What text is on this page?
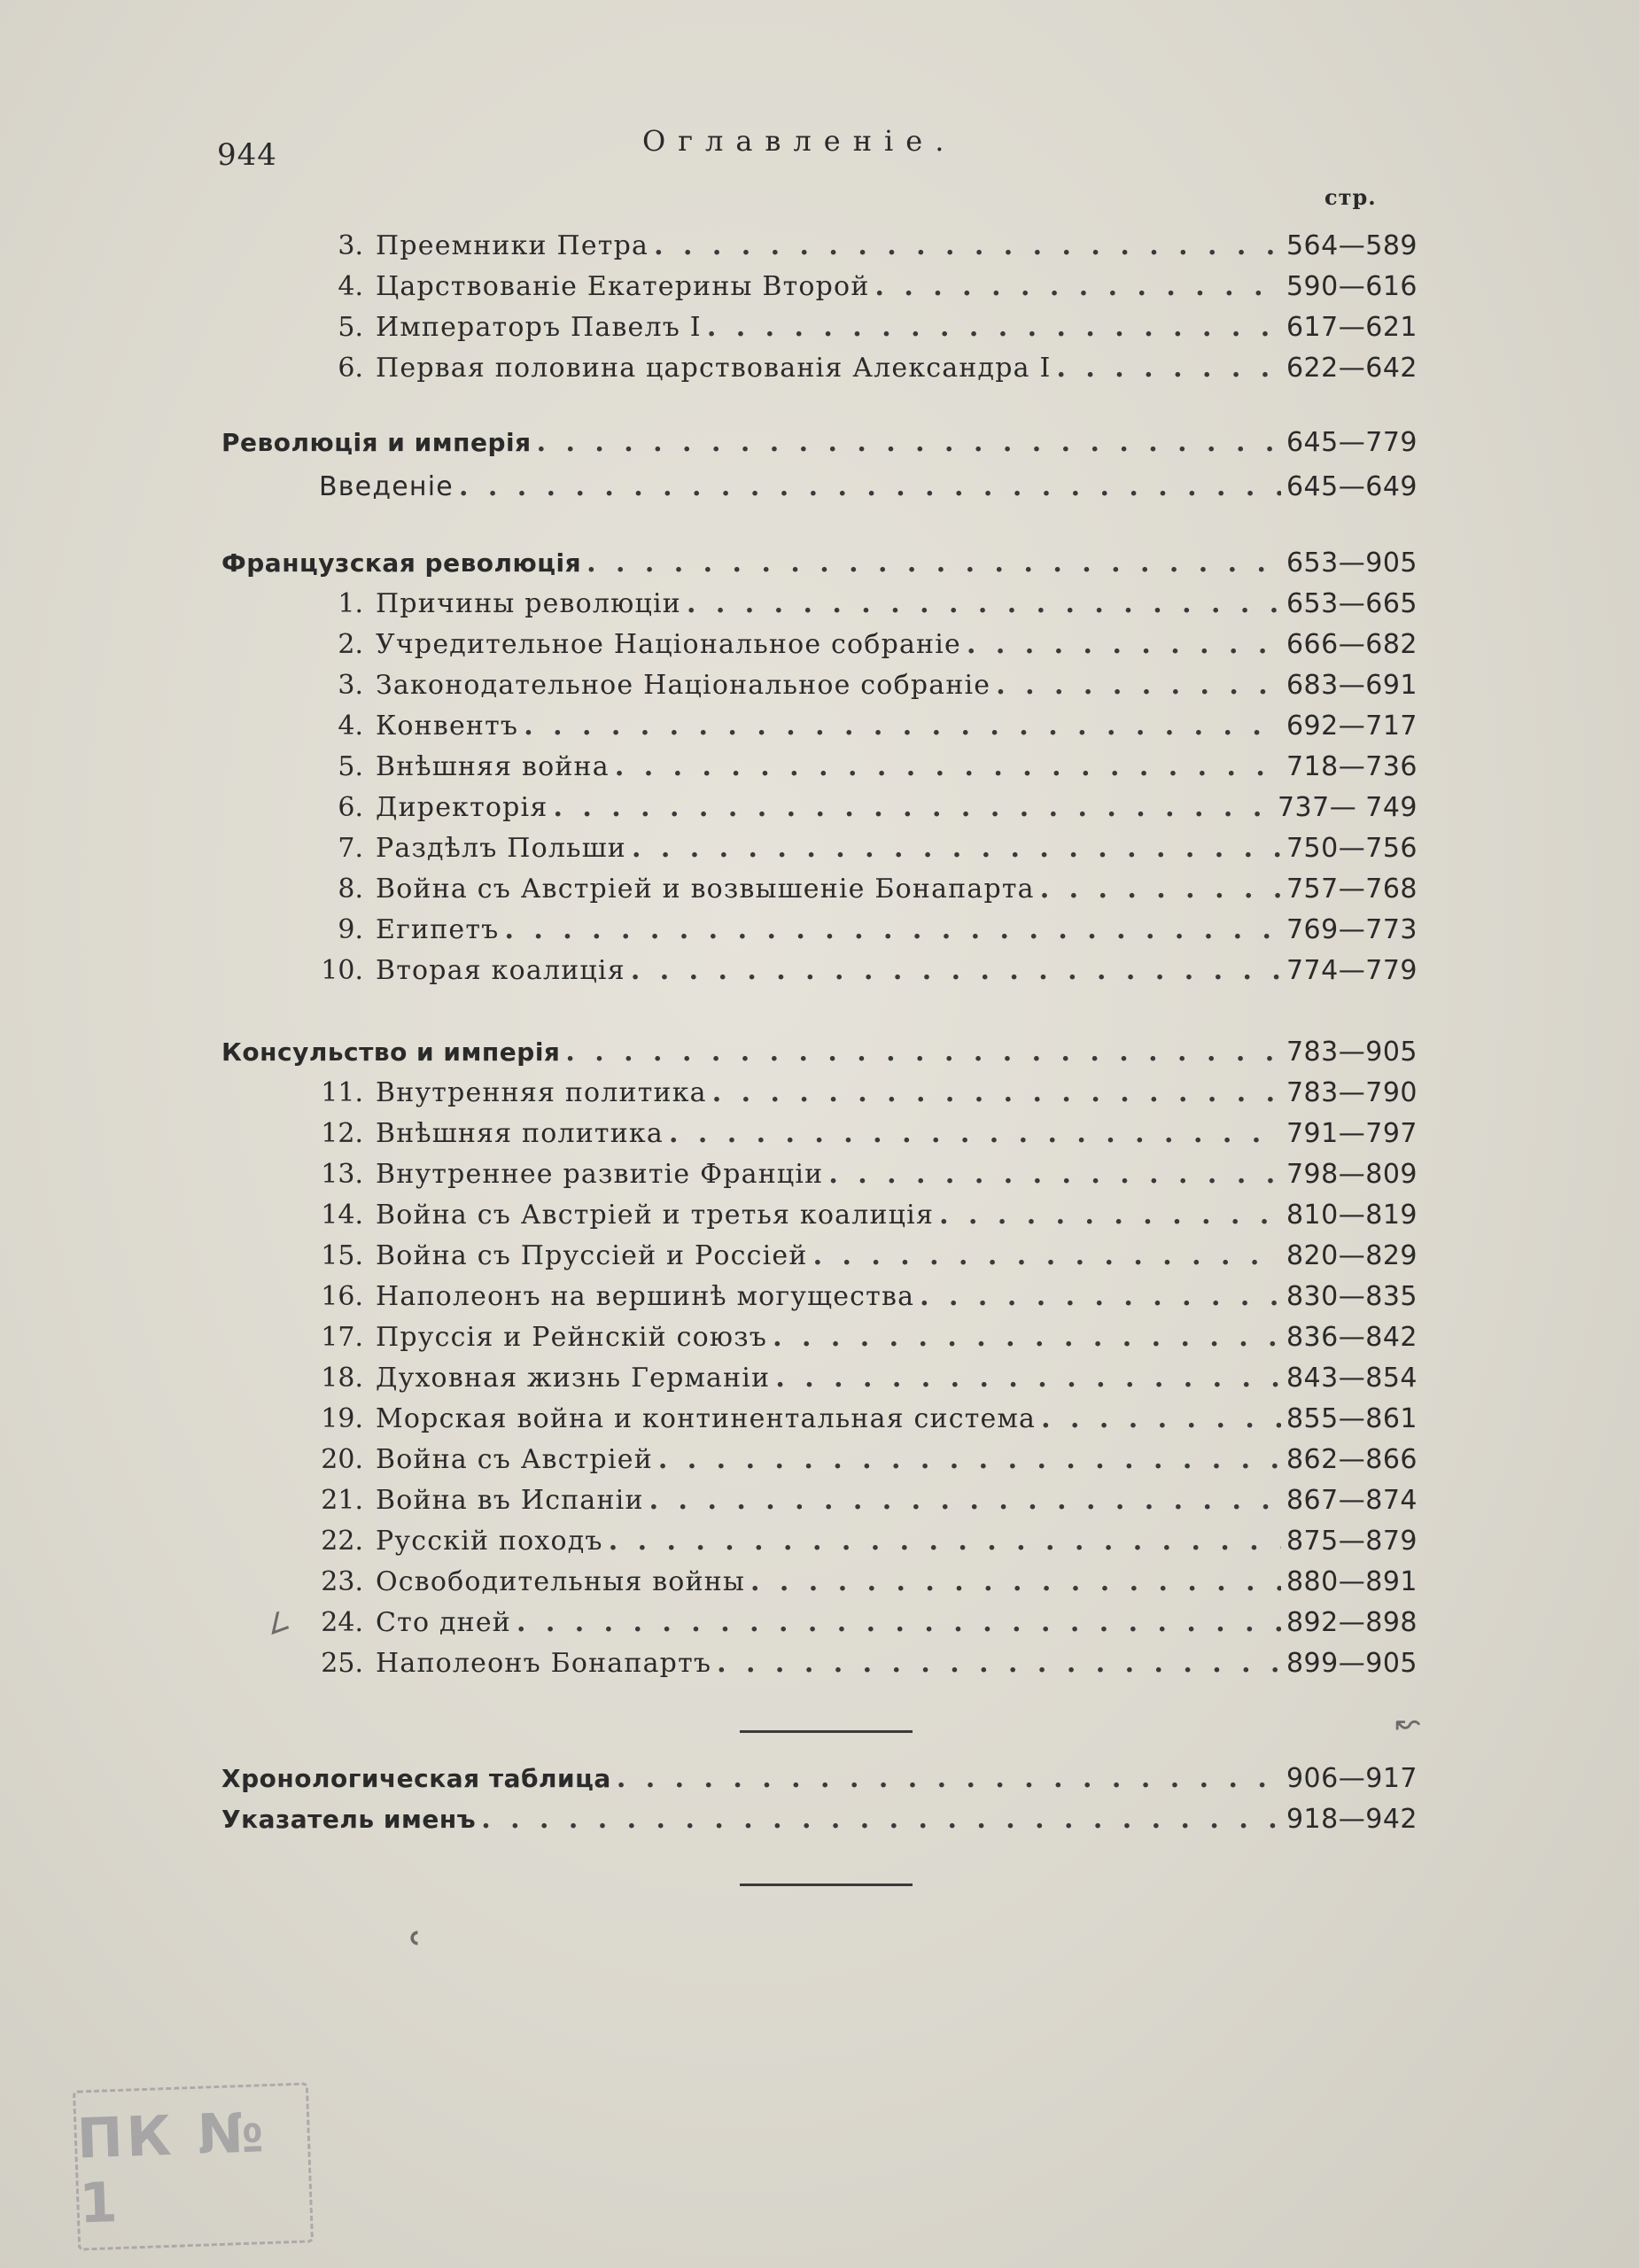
944	Оглавленіе.
стр.
3. Преемники Петра . . .	564—589
4. Царствованіе Екатерины Второй . . .	590—616
5. Императоръ Павелъ I . . .	617—621
6. Первая половина царствованія Александра I . . .	622—642
Революція и имперія . . .	645—779
Введеніе . . .	645—649
Французская революція . . .	653—905
1. Причины революціи . . .	653—665
2. Учредительное Національное собраніе . . .	666—682
3. Законодательное Національное собраніе . . .	683—691
4. Конвентъ . . .	692—717
5. Внѣшняя война . . .	718—736
6. Директорія . . .	737— 749
7. Раздѣлъ Польши . . .	750—756
8. Война съ Австріей и возвышеніе Бонапарта . . .	757—768
9. Египетъ . . .	769—773
10. Вторая коалиція . . .	774—779
Консульство и имперія . . .	783—905
11. Внутренняя политика . . .	783—790
12. Внѣшняя политика . . .	791—797
13. Внутреннее развитіе Франціи . . .	798—809
14. Война съ Австріей и третья коалиція . . .	810—819
15. Война съ Пруссіей и Россіей . . .	820—829
16. Наполеонъ на вершинѣ могущества . . .	830—835
17. Пруссія и Рейнскій союзъ . . .	836—842
18. Духовная жизнь Германіи . . .	843—854
19. Морская война и континентальная система . . .	855—861
20. Война съ Австріей . . .	862—866
21. Война въ Испаніи . . .	867—874
22. Русскій походъ . . .	875—879
23. Освободительныя войны . . .	880—891
24. Сто дней . . .	892—898
25. Наполеонъ Бонапартъ . . .	899—905
Хронологическая таблица . . .	906—917
Указатель именъ . . .	918—942
ПК № 1
ʿ
∠
↜
